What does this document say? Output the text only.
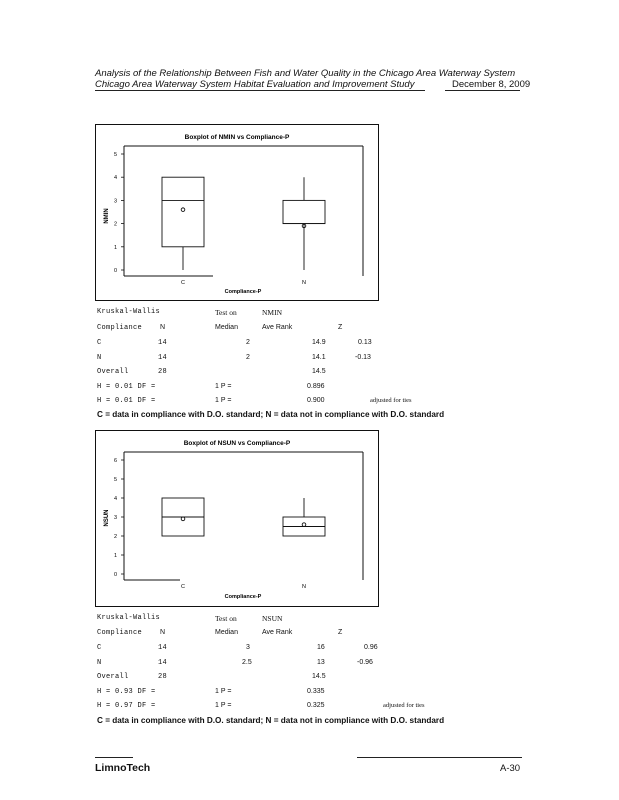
Analysis of the Relationship Between Fish and Water Quality in the Chicago Area Waterway System
Chicago Area Waterway System Habitat Evaluation and Improvement Study	December 8, 2009
Boxplot of NMIN vs Compliance-P
0
1
2
3
4
5
C	N
NMIN
Compliance-P
Kruskal-Wallis	Test on	NMIN
Compliance	N	Median	Ave Rank	Z
C	14	2	14.9	0.13
N	14	2	14.1	-0.13
Overall	28	14.5
H = 0.01 DF =	1 P =	0.896
H = 0.01 DF =	1 P =	0.900	adjusted for ties
C = data in compliance with D.O. standard; N = data not in compliance with D.O. standard
Boxplot of NSUN vs Compliance-P
0
1
2
3
4
5
6
C	N
NSUN
Compliance-P
Kruskal-Wallis	Test on	NSUN
Compliance	N	Median	Ave Rank	Z
C	14	3	16	0.96
N	14	2.5	13	-0.96
Overall	28	14.5
H = 0.93 DF =	1 P =	0.335
H = 0.97 DF =	1 P =	0.325	adjusted for ties
C = data in compliance with D.O. standard; N = data not in compliance with D.O. standard
LimnoTech	A-30
